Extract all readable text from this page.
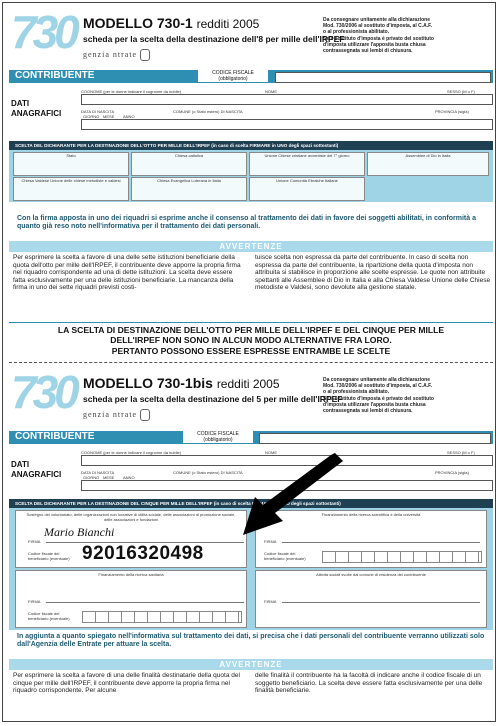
730 MODELLO 730-1 redditi 2005
scheda per la scelta della destinazione dell'8 per mille dell'IRPEF
genzia ntrate
Da consegnare unitamente alla dichiarazione
Mod. 730/2006 al sostituto d'imposta, al C.A.F.
o al professionista abilitato.
Se il sostituto d'imposta è privato del sostituto
d'imposta utilizzare l'apposita busta chiusa
contrassegnata sui lembi di chiusura.
CONTRIBUENTE	CODICE FISCALE
(obbligatorio)
DATI
ANAGRAFICI
COGNOME (per le donne indicare il cognome da nubile)	NOME	SESSO (M o F)
DATA DI NASCITA
GIORNO MESE ANNO
COMUNE (o Stato estero) DI NASCITA	PROVINCIA (sigla)
SCELTA DEL DICHIARANTE PER LA DESTINAZIONE DELL'OTTO PER MILLE DELL'IRPEF (in caso di scelta FIRMARE in UNO degli spazi sottostanti)
Stato	Chiesa cattolica	Unione Chiese cristiane avventiste del 7° giorno	Assemblee di Dio in Italia
Chiesa Valdese Unione delle chiese metodiste e valdesi	Chiesa Evangelica Luterana in Italia	Unione Comunità Ebraiche Italiane
Con la firma apposta in uno dei riquadri si esprime anche il consenso al trattamento dei dati in favore dei soggetti abilitati, in conformità a quanto già reso noto nell'informativa per il trattamento dei dati personali.
AVVERTENZE
Per esprimere la scelta a favore di una delle sette istituzioni beneficiarie della quota dell'otto per mille dell'IRPEF, il contribuente deve apporre la propria firma nel riquadro corrispondente ad una di dette istituzioni. La scelta deve essere fatta esclusivamente per una delle istituzioni beneficiarie. La mancanza della firma in uno dei sette riquadri previsti costi-
tuisce scelta non espressa da parte del contribuente. In caso di scelta non espressa da parte del contribuente, la ripartizione della quota d'imposta non attribuita si stabilisce in proporzione alle scelte espresse. Le quote non attribuite spettanti alle Assemblee di Dio in Italia e alla Chiesa Valdese Unione delle Chiese metodiste e Valdesi, sono devolute alla gestione statale.
LA SCELTA DI DESTINAZIONE DELL'OTTO PER MILLE DELL'IRPEF E DEL CINQUE PER MILLE
DELL'IRPEF NON SONO IN ALCUN MODO ALTERNATIVE FRA LORO.
PERTANTO POSSONO ESSERE ESPRESSE ENTRAMBE LE SCELTE
730 MODELLO 730-1bis redditi 2005
scheda per la scelta della destinazione del 5 per mille dell'IRPEF
genzia ntrate
Da consegnare unitamente alla dichiarazione
Mod. 730/2006 al sostituto d'imposta, al C.A.F.
o al professionista abilitato.
Se il sostituto d'imposta è privato del sostituto
d'imposta utilizzare l'apposita busta chiusa
contrassegnata sui lembi di chiusura.
CONTRIBUENTE	CODICE FISCALE
(obbligatorio)
DATI
ANAGRAFICI
COGNOME (per le donne indicare il cognome da nubile)	NOME	SESSO (M o F)
DATA DI NASCITA
GIORNO MESE ANNO
COMUNE (o Stato estero) DI NASCITA	PROVINCIA (sigla)
SCELTA DEL DICHIARANTE PER LA DESTINAZIONE DEL CINQUE PER MILLE DELL'IRPEF (in caso di scelta FIRMARE in UNO degli spazi sottostanti)
Sostegno del volontariato, delle organizzazioni non lucrative di utilità sociale, delle associazioni di promozione sociale, delle associazioni e fondazioni
FIRMA
Mario Bianchi
Codice fiscale del beneficiario (eventuale) 92016320498
Finanziamento della ricerca scientifica e della università
FIRMA
Codice fiscale del beneficiario (eventuale)
Finanziamento della ricerca sanitaria
FIRMA
Codice fiscale del beneficiario (eventuale)
Attività sociali svolte dal comune di residenza del contribuente
FIRMA
In aggiunta a quanto spiegato nell'informativa sul trattamento dei dati, si precisa che i dati personali del contribuente verranno utilizzati solo dall'Agenzia delle Entrate per attuare la scelta.
AVVERTENZE
Per esprimere la scelta a favore di una delle finalità destinatarie della quota del cinque per mille dell'IRPEF, il contribuente deve apporre la propria firma nel riquadro corrispondente. Per alcune
delle finalità il contribuente ha la facoltà di indicare anche il codice fiscale di un soggetto beneficiario. La scelta deve essere fatta esclusivamente per una delle finalità beneficiarie.
